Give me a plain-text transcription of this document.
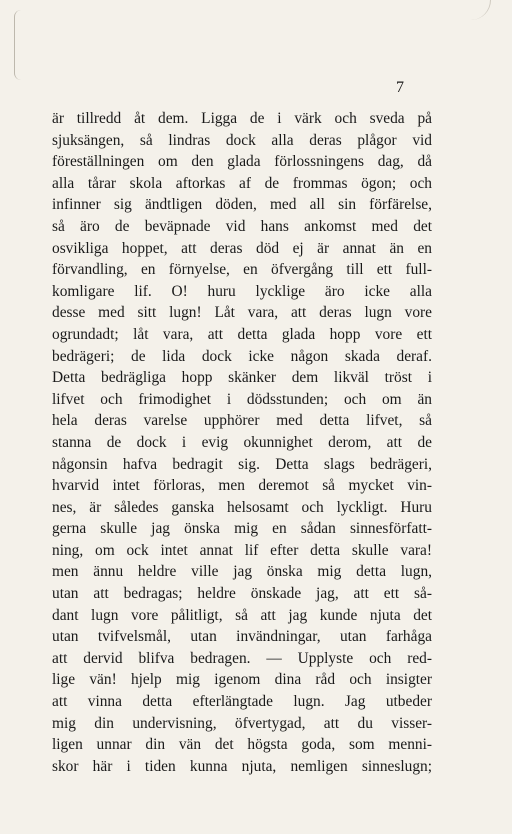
7
är tillredd åt dem. Ligga de i värk och sveda på
sjuksängen, så lindras dock alla deras plågor vid
föreställningen om den glada förlossningens dag, då
alla tårar skola aftorkas af de frommas ögon; och
infinner sig ändtligen döden, med all sin förfärelse,
så äro de beväpnade vid hans ankomst med det
osvikliga hoppet, att deras död ej är annat än en
förvandling, en förnyelse, en öfvergång till ett full-
komligare lif. O! huru lycklige äro icke alla
desse med sitt lugn! Låt vara, att deras lugn vore
ogrundadt; låt vara, att detta glada hopp vore ett
bedrägeri; de lida dock icke någon skada deraf.
Detta bedrägliga hopp skänker dem likväl tröst i
lifvet och frimodighet i dödsstunden; och om än
hela deras varelse upphörer med detta lifvet, så
stanna de dock i evig okunnighet derom, att de
någonsin hafva bedragit sig. Detta slags bedrägeri,
hvarvid intet förloras, men deremot så mycket vin-
nes, är således ganska helsosamt och lyckligt. Huru
gerna skulle jag önska mig en sådan sinnesförfatt-
ning, om ock intet annat lif efter detta skulle vara!
men ännu heldre ville jag önska mig detta lugn,
utan att bedragas; heldre önskade jag, att ett så-
dant lugn vore pålitligt, så att jag kunde njuta det
utan tvifvelsmål, utan invändningar, utan farhåga
att dervid blifva bedragen. — Upplyste och red-
lige vän! hjelp mig igenom dina råd och insigter
att vinna detta efterlängtade lugn. Jag utbeder
mig din undervisning, öfvertygad, att du visser-
ligen unnar din vän det högsta goda, som menni-
skor här i tiden kunna njuta, nemligen sinneslugn;
